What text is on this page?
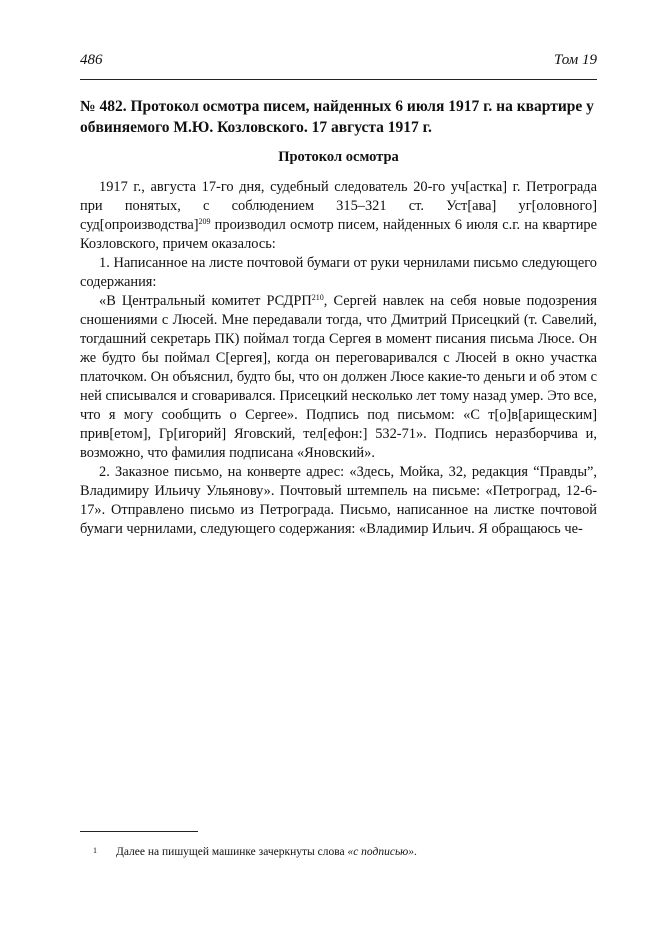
486	Том 19
№ 482. Протокол осмотра писем, найденных 6 июля 1917 г. на квартире у обвиняемого М.Ю. Козловского. 17 августа 1917 г.
Протокол осмотра

1917 г., августа 17-го дня, судебный следователь 20-го уч[астка] г. Петрограда при понятых, с соблюдением 315–321 ст. Уст[ава] уг[оловного] суд[опроизводства]$^{209}$ производил осмотр писем, найденных 6 июля с.г. на квартире Козловского, причем оказалось:

1. Написанное на листе почтовой бумаги от руки чернилами письмо следующего содержания:

«В Центральный комитет РСДРП$^{210}$, Сергей навлек на себя новые подозрения сношениями с Люсей. Мне передавали тогда, что Дмитрий Присецкий (т. Савелий, тогдашний секретарь ПК) поймал тогда Сергея в момент писания письма Люсе. Он же будто бы поймал С[ергея], когда он переговаривался с Люсей в окно участка платочком. Он объяснил, будто бы, что он должен Люсе какие-то деньги и об этом с ней списывался и сговаривался. Присецкий несколько лет тому назад умер. Это все, что я могу сообщить о Сергее». Подпись под письмом: «С т[о]в[арищеским] прив[етом], Гр[игорий] Яговский, тел[ефон:] 532-71». Подпись неразборчива и, возможно, что фамилия подписана «Яновский».

2. Заказное письмо, на конверте адрес: «Здесь, Мойка, 32, редакция “Правды”, Владимиру Ильичу Ульянову». Почтовый штемпель на письме: «Петроград, 12-6-17». Отправлено письмо из Петрограда. Письмо, написанное на листке почтовой бумаги чернилами, следующего содержания: «Владимир Ильич. Я обращаюсь че-

1 Далее на пишущей машинке зачеркнуты слова «с подписью».
